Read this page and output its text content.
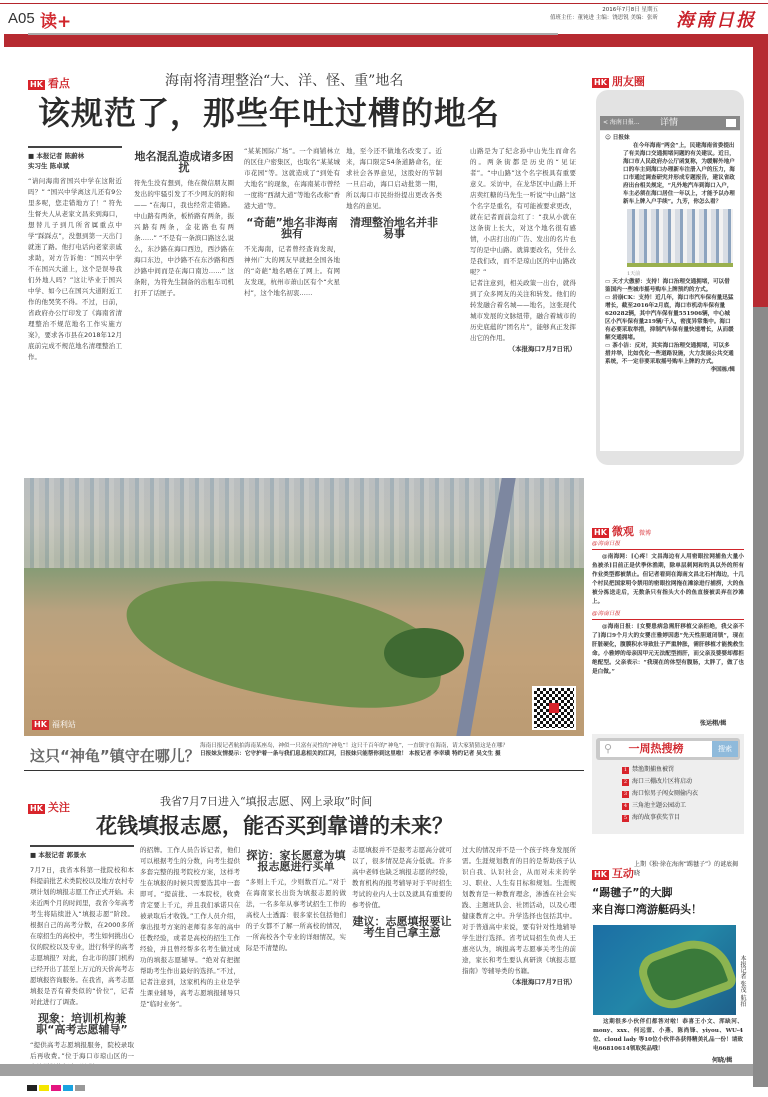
A05 读+
2016年7月8日 星期五
值班主任：董钝进 主编：饶思锐 美编：张昕 海南日报
HK 看点	海南将清理整治“大、洋、怪、重”地名
该规范了，那些年吐过槽的地名
■ 本报记者 陈蔚林
实习生 陈卓斌
“请问海南省国兴中学在这附近吗？” “国兴中学离这儿还有9公里多呢，您走错地方了！” 符先生督夫人从老家文昌来到海口，想替儿子到几所省属重点中学“踩踩点”，没想到第一天出门就迷了路。他打电话向老家亲戚求助，对方告诉他：“国兴中学不在国兴大道上，这个是误导我们外地人吗？”这让毕业于国兴中学、如今已在国兴大道附近工作的他哭笑不得。不过，日前，省政府办公厅印发了《海南省清理整治不规范地名工作实施方案》，要求各市县在2018年12月底前完成不规范地名清理整治工作。
地名混乱造成诸多困扰
符先生没有想到，他在微信朋友圈发出的牢骚引发了不少网友的附和—— “在海口，我也经常走错路。中山路有两条，板桥路有两条，振兴路有两条，金花路也有两条……” “不是有一条滨口路这么说么，东沙路在海口西边，西沙路在海口东边，中沙路不在东沙路和西沙路中间而是在海口南边……” 这条附，为符先生制备的出租车司机打开了话匣子。
“某某国际广场”。一个商铺林立的区住户密集区，也取名“某某城市花园”等。这就造成了“到处有大地名”的现象，在海南某市曾经一度将“西湖大道”等地名改称“香港大道”等。
“奇葩”地名非海南独有
不光海南，记者曾经查询发现，神州广大的网友早就把全国各地的“奇葩”地名晒在了网上。有网友发现，杭州市萧山区有个“火星村”，这个地名初衷……
地，至今还不做地名改变了。近来，海口限定54条道路命名，征求社会各界意见，这股好的节制一旦启动，海口启动批第一期，所以海口市民纷纷提出更改各类地名的意见。
清理整治地名并非易事
山路是为了纪念孙中山先生而命名的。两条街都是历史的“见证者”。“中山路”这个名字极具有重要意义。采访中，在龙华区中山路上开店卖红糖的马先生一听说“中山路”这个名字是重名，有可能被要求更改，就在记者面前急红了：“我从小就在这条街上长大，对这个地名很有感情，小店打出的广告、发出的名片也写的是中山路。就算要改名，凭什么是我们改，而不是琼山区的中山路改呢？”
记者注意到，相关政策一出台，就得到了众多网友的关注和转发。他们的转发融合着名城——地名，这张现代城市发展的文脉纽带，融合着城市的历史底蕴的“团名片”，能够真正发挥出它的作用。
（本报海口7月7日讯）
HK 福利站
这只“神龟”镇守在哪儿？
海南日报记者航拍海南某座岛，神似一只富有灵性的“神龟”！这只千百年的“神龟”，一直镇守在海南，请大家猜猜这是在哪？
日报妹友情提示：它守护着一条与我们息息相关的江河，日报妹只能帮你到这里啦！ 本报记者 李幸璜 特约记者 吴文生 摄
HK 关注	我省7月7日进入“填报志愿、网上录取”时间
花钱填报志愿，能否买到靠谱的未来？
■ 本报记者 郭景水
7月7日，我省本科第一批院校和本科提前批艺术类院校以及地方农村专项计划的填报志愿工作正式开始。未来近两个月的时间里，我省今年高考考生将陆续进入“填报志愿”阶段。根据自己的高考分数，在2000多所在琼招生的高校中，考生如何挑出心仪的院校以及专业，进行科学的高考志愿填报？对此，台北市的部门机构已经开出了甚至上万元的天价高考志愿填报咨询服务。在我省，高考志愿填报是否有着类似的“价位”，记者对此进行了调查。
现象：培训机构兼职“高考志愿辅导”
“提供高考志愿填报服务，院校录取后再收费。”位于海口市琼山区的一
的招牌。工作人员告诉记者，他们可以根据考生的分数，向考生提供多套完整的报考院校方案，这样考生在填报的时候只需要选其中一套即可。“提前批、一本院校，收费肯定要上千元，并且我们承诺只在被录取后才收钱。”工作人员介绍，拿出报考方案的老师有多年的高中任教经验，或者是高校的招生工作经验，并且曾经帮多名考生做过成功的填报志愿辅导。“绝对有把握帮助考生作出最好的选择。”不过，记者注意到，这家机构的主业是学生课业辅导，高考志愿填报辅导只是“临时业务”。
探访：家长愿意为填报志愿进行买单
“多则上千元，少则数百元。”对于在海南家长出资为填报志愿的做法，一名多年从事考试招生工作的高校人士透露：很多家长包括他们的子女都不了解一所高校的情况，一所高校各个专业的详细情况，实际是不清楚的。
志愿填报并不是报考志愿高分就可以了，很多情况是高分低就。许多高中老师也缺乏填报志愿的经验，教育机构的报考辅导对于平时招生考试的业内人士以及就具有重要的参考价值。
建议：志愿填报要让考生自己拿主意
过大的情况并不是一个孩子终身发展所需。生涯规划教育的目的是帮助孩子认识自我、认识社会，从而对未来的学习、职业、人生有目标和规划。生涯规划教育是一种教育理念，渗透在社会实践、主题班队会、社团活动，以及心理健康教育之中。升学选择也包括其中。对于普通高中来说，要有针对性地辅导学生进行选择。省考试局招生负责人王惠亮认为，填报高考志愿事关考生的前途，家长和考生要认真研读《填报志愿指南》等辅导类的书籍。
（本报海口7月7日讯）
HK 朋友圈
< 海南日报... 详情
☺ 日报妹
在今年海南“两会”上，民建海南省委提出了有关海口交通拥堵问题的有关建议。近日，海口市人民政府办公厅函复称，为缓解外地户口的车主到海口办理新车注册入户的压力，海口市通过调查研究并形成专题报告，建议省政府出台相关规定，“凡外地汽车到海口入户，车主必须在海口居住一年以上，才能予以办理新车上牌入户手续”。九芳，你怎么看？
1天前
▭ 天才大傲骄：支持！海口治理交通拥堵，可以借鉴国内一些城市摇号购车上牌预约的方式。
▭ 岩崩CK：支持！近几年，海口市汽车保有量迅猛增长，截至2016年2月底，海口市机动车保有量620282辆，其中汽车保有量551906辆，中心城区小汽车保有量219辆/千人，密度异常集中。海口有必要采取举措，抑制汽车保有量快速增长，从而缓解交通拥堵。
▭ 茶小洁：反对，其实海口治理交通拥堵，可以多措并举，比如优化一些道路设施，大力发展公共交通系统，不一定非要采取摇号购车上牌的方式。
李国栋/辑
HK 微观 微博
@海南日报
@南海网：[心疼！文昌海边有人用密眼拉网捕鱼大量小鱼被杀]目前正是伏季休渔期，除单层刺网和钓具以外的所有作业类型都被禁止。但记者看到在海南文昌北石村海边，十几个村民把国家明令禁用的密眼拉网拖在滩涂进行捕捞，大的鱼被分拣送走后，无数条只有指头大小的鱼直接被丢弃在沙滩上。
@海南日报
@海南日报：[女婴患病急需肝移植父亲拒绝，我父亲不了]海口9个月大的女婴庄雅婷因患“先天性胆道闭锁”，现在肝脏硬化，腹膜积水导致肚子严重肿胀，需肝移植才能挽救生命。小雅婷的母亲因甲元无法配型捐肝，而父亲及婆婆却都拒绝配型。父亲表示：“我现在的体型有腹肠，太胖了，做了也是白做。”
张运栩/辑
⚲ 一周热搜榜	搜索
1 禁渔期捕鱼被罚
2 海口三棚改片区将启动
3 海口惊男子闯女厕偷内衣
4 三角池主题公园动工
5 海的故事获奖节目
HK 互动
上期《独·徐在海南“踢毽子”》的谜底揭晓
“踢毽子”的大脚
来自海口湾游艇码头！
本报记者 张茂 航拍
这期很多小伙伴们都答对啦！恭喜王小文、浑缺河、mony、xxx、何远萱、小燕、陈尚锋、yiyou、WU-4位、cloud lady 等10位小伙伴各获得精美礼品一份！请致电66810614领取奖品哦！
何晓/辑
